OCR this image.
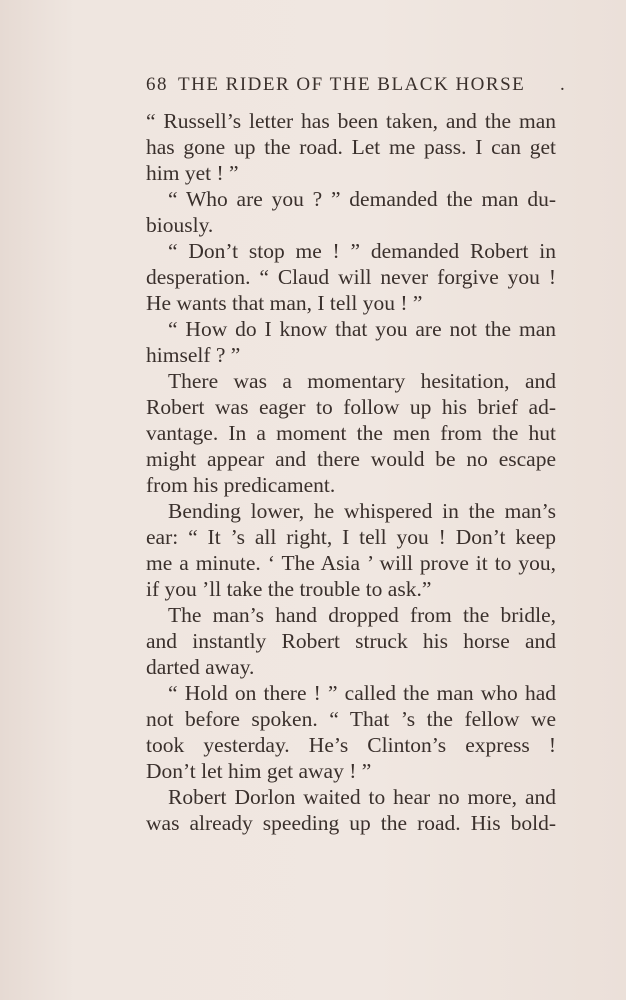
68 THE RIDER OF THE BLACK HORSE .
“ Russell’s letter has been taken, and the man
has gone up the road. Let me pass. I can get
him yet ! ”
“ Who are you ? ” demanded the man du-
biously.
“ Don’t stop me ! ” demanded Robert in
desperation. “ Claud will never forgive you !
He wants that man, I tell you ! ”
“ How do I know that you are not the man
himself ? ”
There was a momentary hesitation, and
Robert was eager to follow up his brief ad-
vantage. In a moment the men from the hut
might appear and there would be no escape
from his predicament.
Bending lower, he whispered in the man’s
ear: “ It ’s all right, I tell you ! Don’t keep
me a minute. ‘ The Asia ’ will prove it to you,
if you ’ll take the trouble to ask.”
The man’s hand dropped from the bridle,
and instantly Robert struck his horse and
darted away.
“ Hold on there ! ” called the man who had
not before spoken. “ That ’s the fellow we
took yesterday. He’s Clinton’s express !
Don’t let him get away ! ”
Robert Dorlon waited to hear no more, and
was already speeding up the road. His bold-
